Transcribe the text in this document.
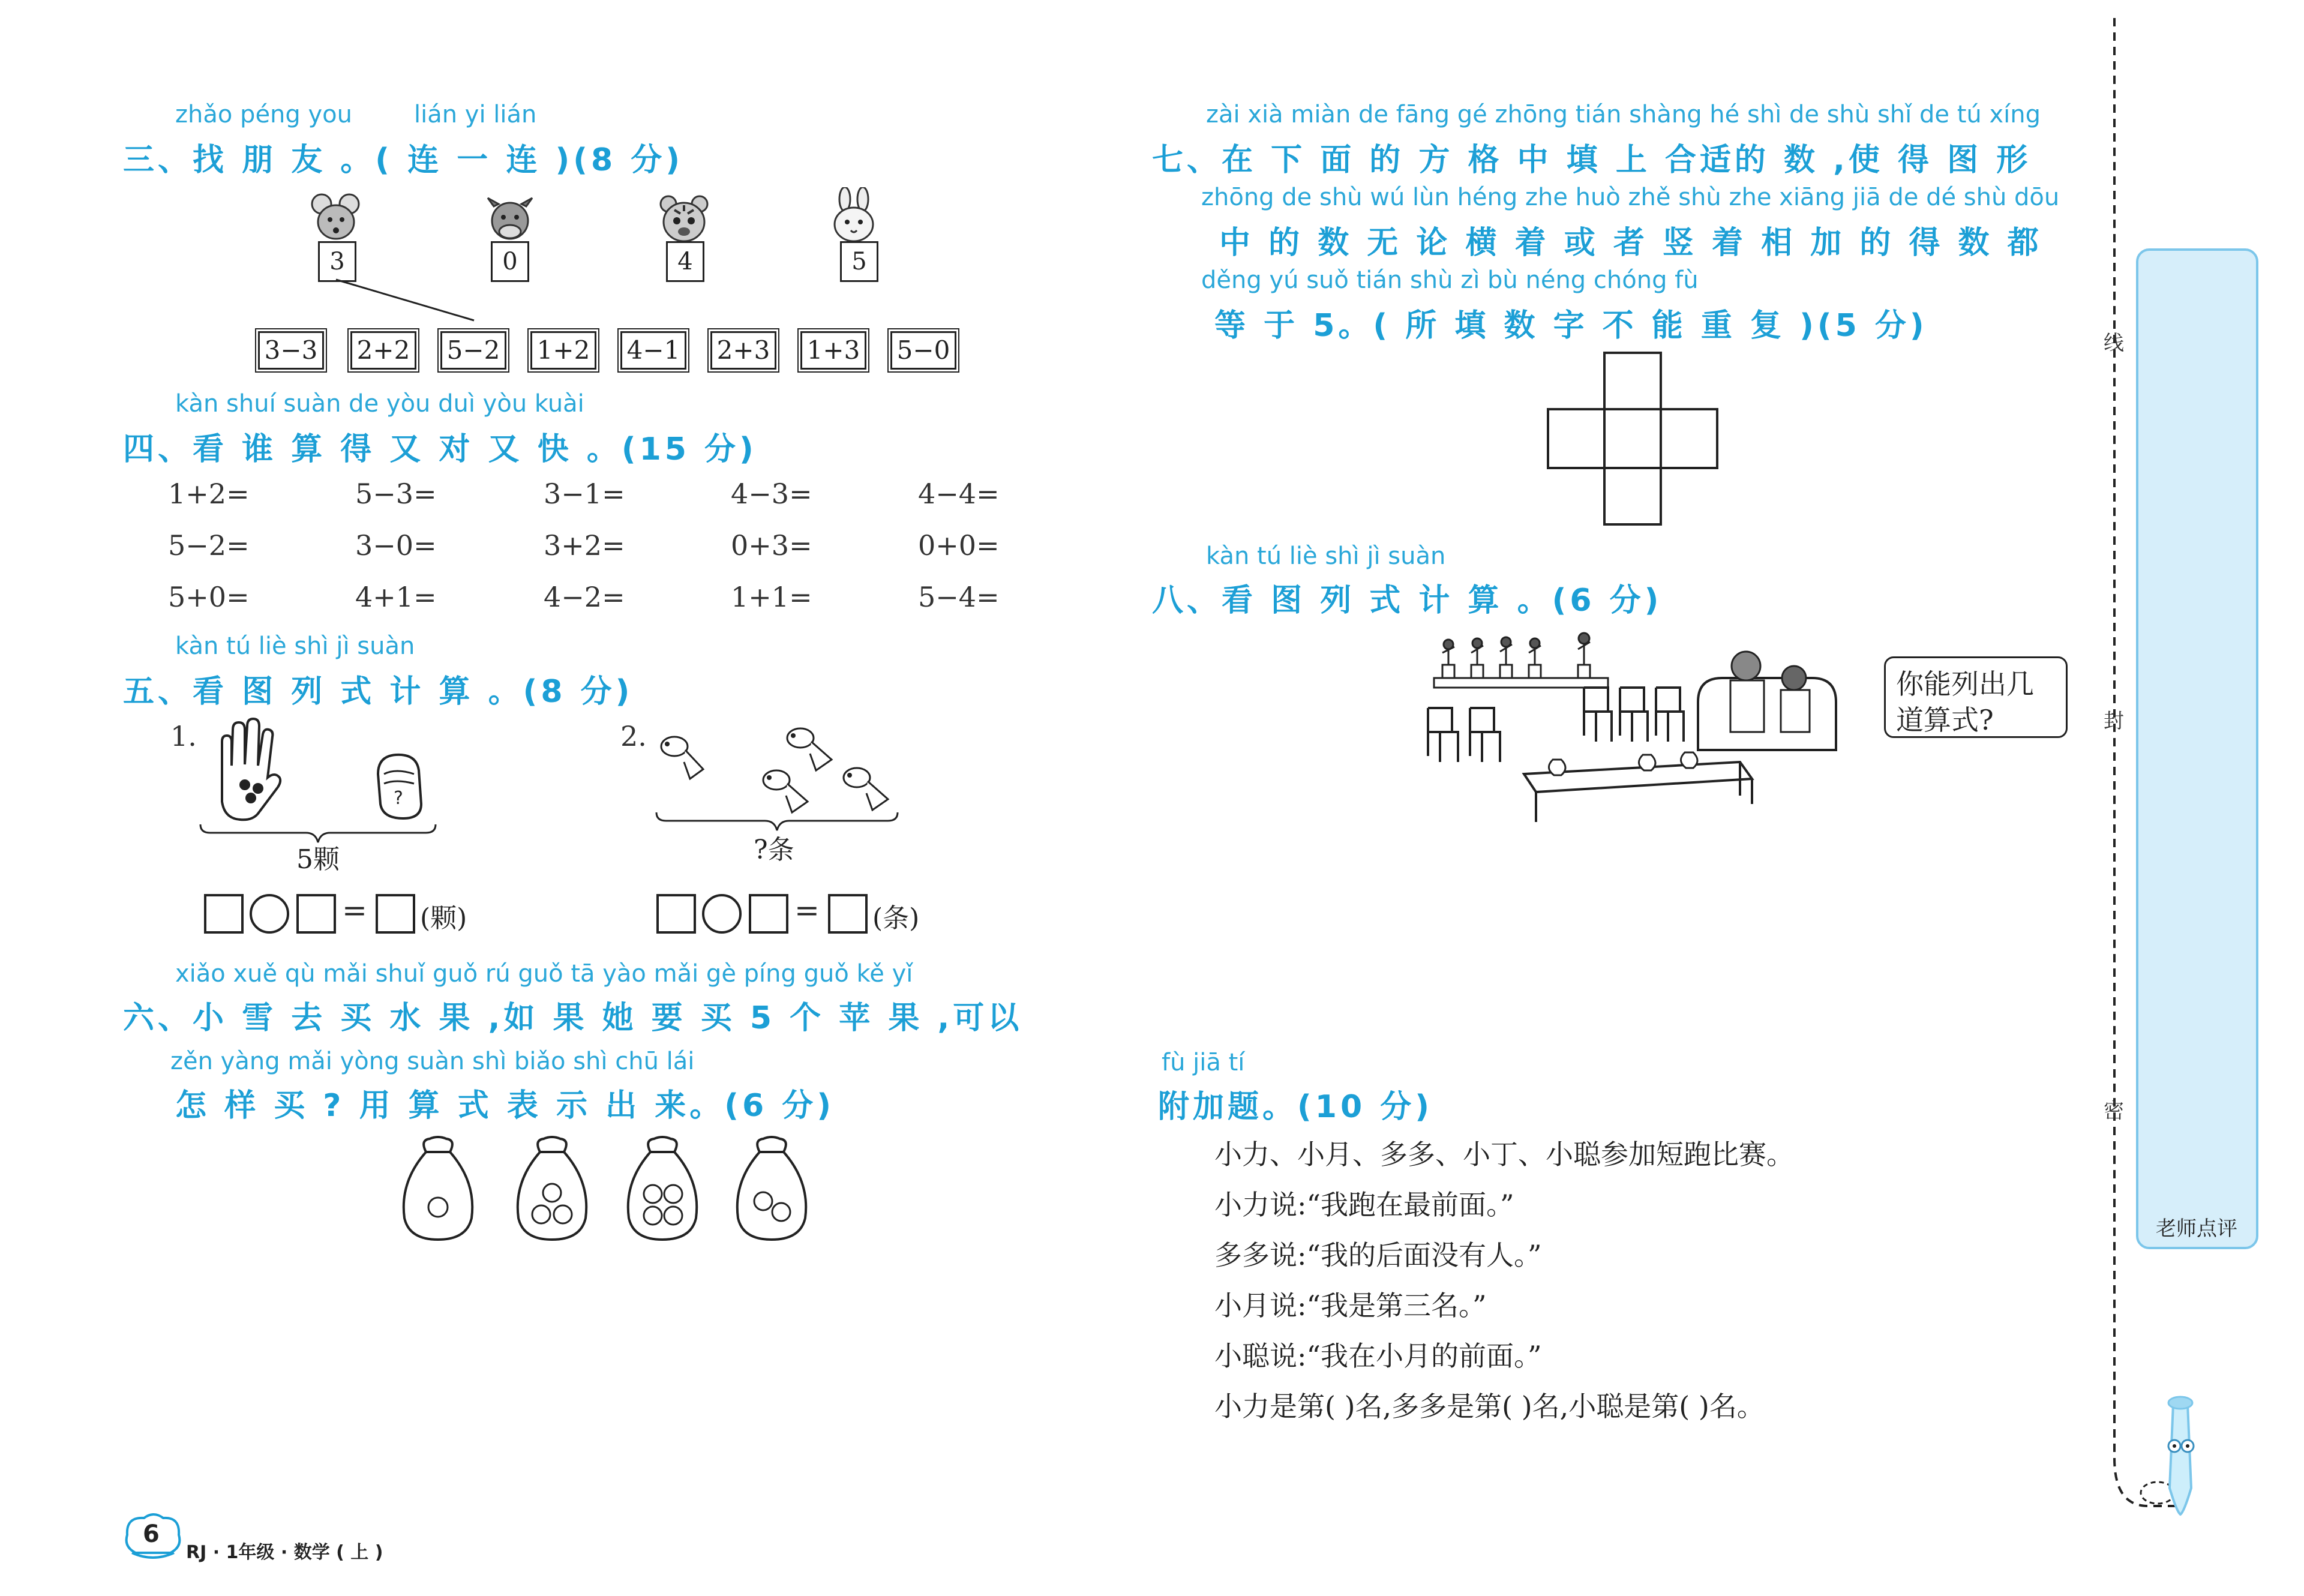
zhǎo péng you	lián yi lián
三、找 朋 友 。( 连 一 连 )(8 分)
3	0	4	5
3−3 2+2 5−2 1+2 4−1 2+3 1+3 5−0
kàn shuí suàn de yòu duì yòu kuài
四、看 谁 算 得 又 对 又 快 。(15 分)
1+2=	5−3=	3−1=	4−3=	4−4=
5−2=	3−0=	3+2=	0+3=	0+0=
5+0=	4+1=	4−2=	1+1=	5−4=
kàn tú liè shì jì suàn
五、看 图 列 式 计 算 。(8 分)
1.
?
5颗
2.
?条
= (颗)	= (条)
xiǎo xuě qù mǎi shuǐ guǒ rú guǒ tā yào mǎi gè píng guǒ kě yǐ
六、小 雪 去 买 水 果 ,如 果 她 要 买 5 个 苹 果 ,可以
zěn yàng mǎi yòng suàn shì biǎo shì chū lái
怎 样 买 ? 用 算 式 表 示 出 来。(6 分)
6
RJ · 1年级 · 数学 ( 上 )
zài xià miàn de fāng gé zhōng tián shàng hé shì de shù shǐ de tú xíng
七、在 下 面 的 方 格 中 填 上 合适的 数 ,使 得 图 形
zhōng de shù wú lùn héng zhe huò zhě shù zhe xiāng jiā de dé shù dōu
中 的 数 无 论 横 着 或 者 竖 着 相 加 的 得 数 都
děng yú suǒ tián shù zì bù néng chóng fù
等 于 5。( 所 填 数 字 不 能 重 复 )(5 分)
kàn tú liè shì jì suàn
八、看 图 列 式 计 算 。(6 分)
你能列出几
道算式?
fù jiā tí
附加题。(10 分)
小力、小月、多多、小丁、小聪参加短跑比赛。
小力说:“我跑在最前面。”
多多说:“我的后面没有人。”
小月说:“我是第三名。”
小聪说:“我在小月的前面。”
小力是第( )名,多多是第( )名,小聪是第( )名。
线
封
密
老师点评
